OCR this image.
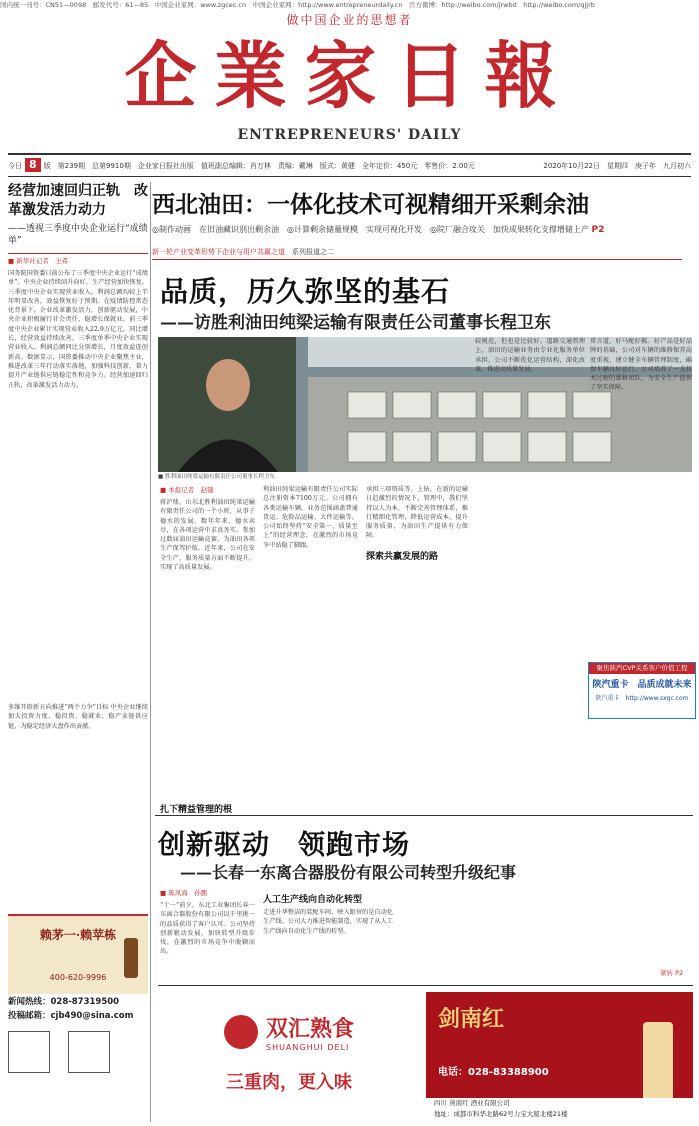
国内统一刊号：CN51—0098　邮发代号：61—85　中国企业家网：www.zgcec.cn　中国企业家网：http://www.entrepreneurdaily.cn　官方微博：http://weibo.com/jrwbd　http://weibo.com/qjjrb
做中国企业的思想者
企業家日報
ENTREPRENEURS' DAILY
今日 8 版　第239期　总第9910期　企业家日报社出版　值班副总编辑：肖万林　责编：戴琳　版式：黄健　全年定价：450元　零售价：2.00元	2020年10月22日　星期四　庚子年　九月初六
经营加速回归正轨　改革激发活力动力
——透视三季度中央企业运行“成绩单”
■ 新华社记者　王希
国务院国资委日前公布了三季度中央企业运行“成绩单”。中央企业持续回升向好，生产经营加快恢复。三季度中央企业实现营业收入、利润总额均较上半年明显改善，效益恢复好于预期。在疫情防控常态化背景下，企业改革激发活力，创新驱动发展，中央企业积极履行社会责任，稳增长保就业。前三季度中央企业累计实现营业收入22.9万亿元，同比增长，经营效益持续改善。三季度单季中央企业实现营业收入、利润总额同比分别增长，月度效益连创新高。数据显示，国资委推动中央企业聚焦主业，推进改革三年行动落实落地，加强科技创新，着力提升产业链供应链稳定性和竞争力。经营加速回归正轨，改革激发活力动力。
多维开辟新方向推进“两个力争”目标 中央企业继续加大投资力度，稳投资、稳就业、稳产业链供应链，为稳定经济大盘作出贡献。
赖茅一·赖苹栋
400-620-9996
新闻热线：028-87319500
投稿邮箱：cjb490@sina.com
西北油田：一体化技术可视精细开采剩余油
◎制作动画　在旧油藏识别出剩余油　◎计算剩余储量规模　实现可视化开发　◎院厂融合攻关　加快成果转化支撑增储上产 P2
新一轮产业变革形势下企业与用户共赢之道　 系列报道之二
品质，历久弥坚的基石
——访胜利油田纯梁运输有限责任公司董事长程卫东
■ 胜利油田纯梁运输有限责任公司董事长程卫东
■ 本报记者　赵键
蒋沪鼎，山东北胜利油田纯梁运输有限责任公司的一个小班，从事子德水的发展。数年年来，德水卖尽，在各项运营中求真务实。参加过数届油田运输竞赛，为油田各项生产保驾护航。近年来，公司在安全生产、服务质量方面不断提升，实现了高质量发展。
扎下精益管理的根
利油田纯梁运输有限责任公司实际总注册资本7100万元。公司拥有各类运输车辆，业务范围涵盖普通货运、危险品运输、大件运输等。公司始终坚持“安全第一、质量至上”的经营理念，在激烈的市场竞争中站稳了脚跟。
承担三项资质等。上钻，在新的运输日趋激烈的情况下，管理中，我们坚持以人为本，不断完善管理体系，推行精细化管理，降低运营成本，提升服务质量，为油田生产提供有力保障。
探索共赢发展的路
较规范，但也是比较好。道路交通管理上，油田的运输业务由专业化服务单位承担，公司不断优化运营结构，深化改革，推进高质量发展。
常言道，好马配好鞍。好产品是好品牌的基础，公司对车辆的维修保养高度重视，建立健全车辆管理制度，确保车辆良好运行。公司培养了一支技术过硬的维修团队，为安全生产提供了坚实保障。
聚焦陕汽CVP关系客户价值工程
陕汽重卡　品质成就未来
陕汽重卡　http://www.sxqc.com
创新驱动　领跑市场
——长春一东离合器股份有限公司转型升级纪事
■ 陈凤海　孙鹏
“十一”前夕，东北工业集团长春一东离合器股份有限公司以千里挑一的品质获得了客户认可。公司坚持创新驱动发展，加快转型升级步伐，在激烈的市场竞争中脱颖而出。
人工生产线向自动化转型
走进升华整洁的装配车间，映入眼帘的是自动化生产线。公司大力推进智能制造，实现了从人工生产线向自动化生产线的转型。
紧转 P2
双汇熟食
SHUANGHUI DELI
三重肉，更入味
剑南红
电话：028-83388900
四川 剑南红 酒业有限公司
地址：成都市科华北路62号力宝大厦北楼21楼
